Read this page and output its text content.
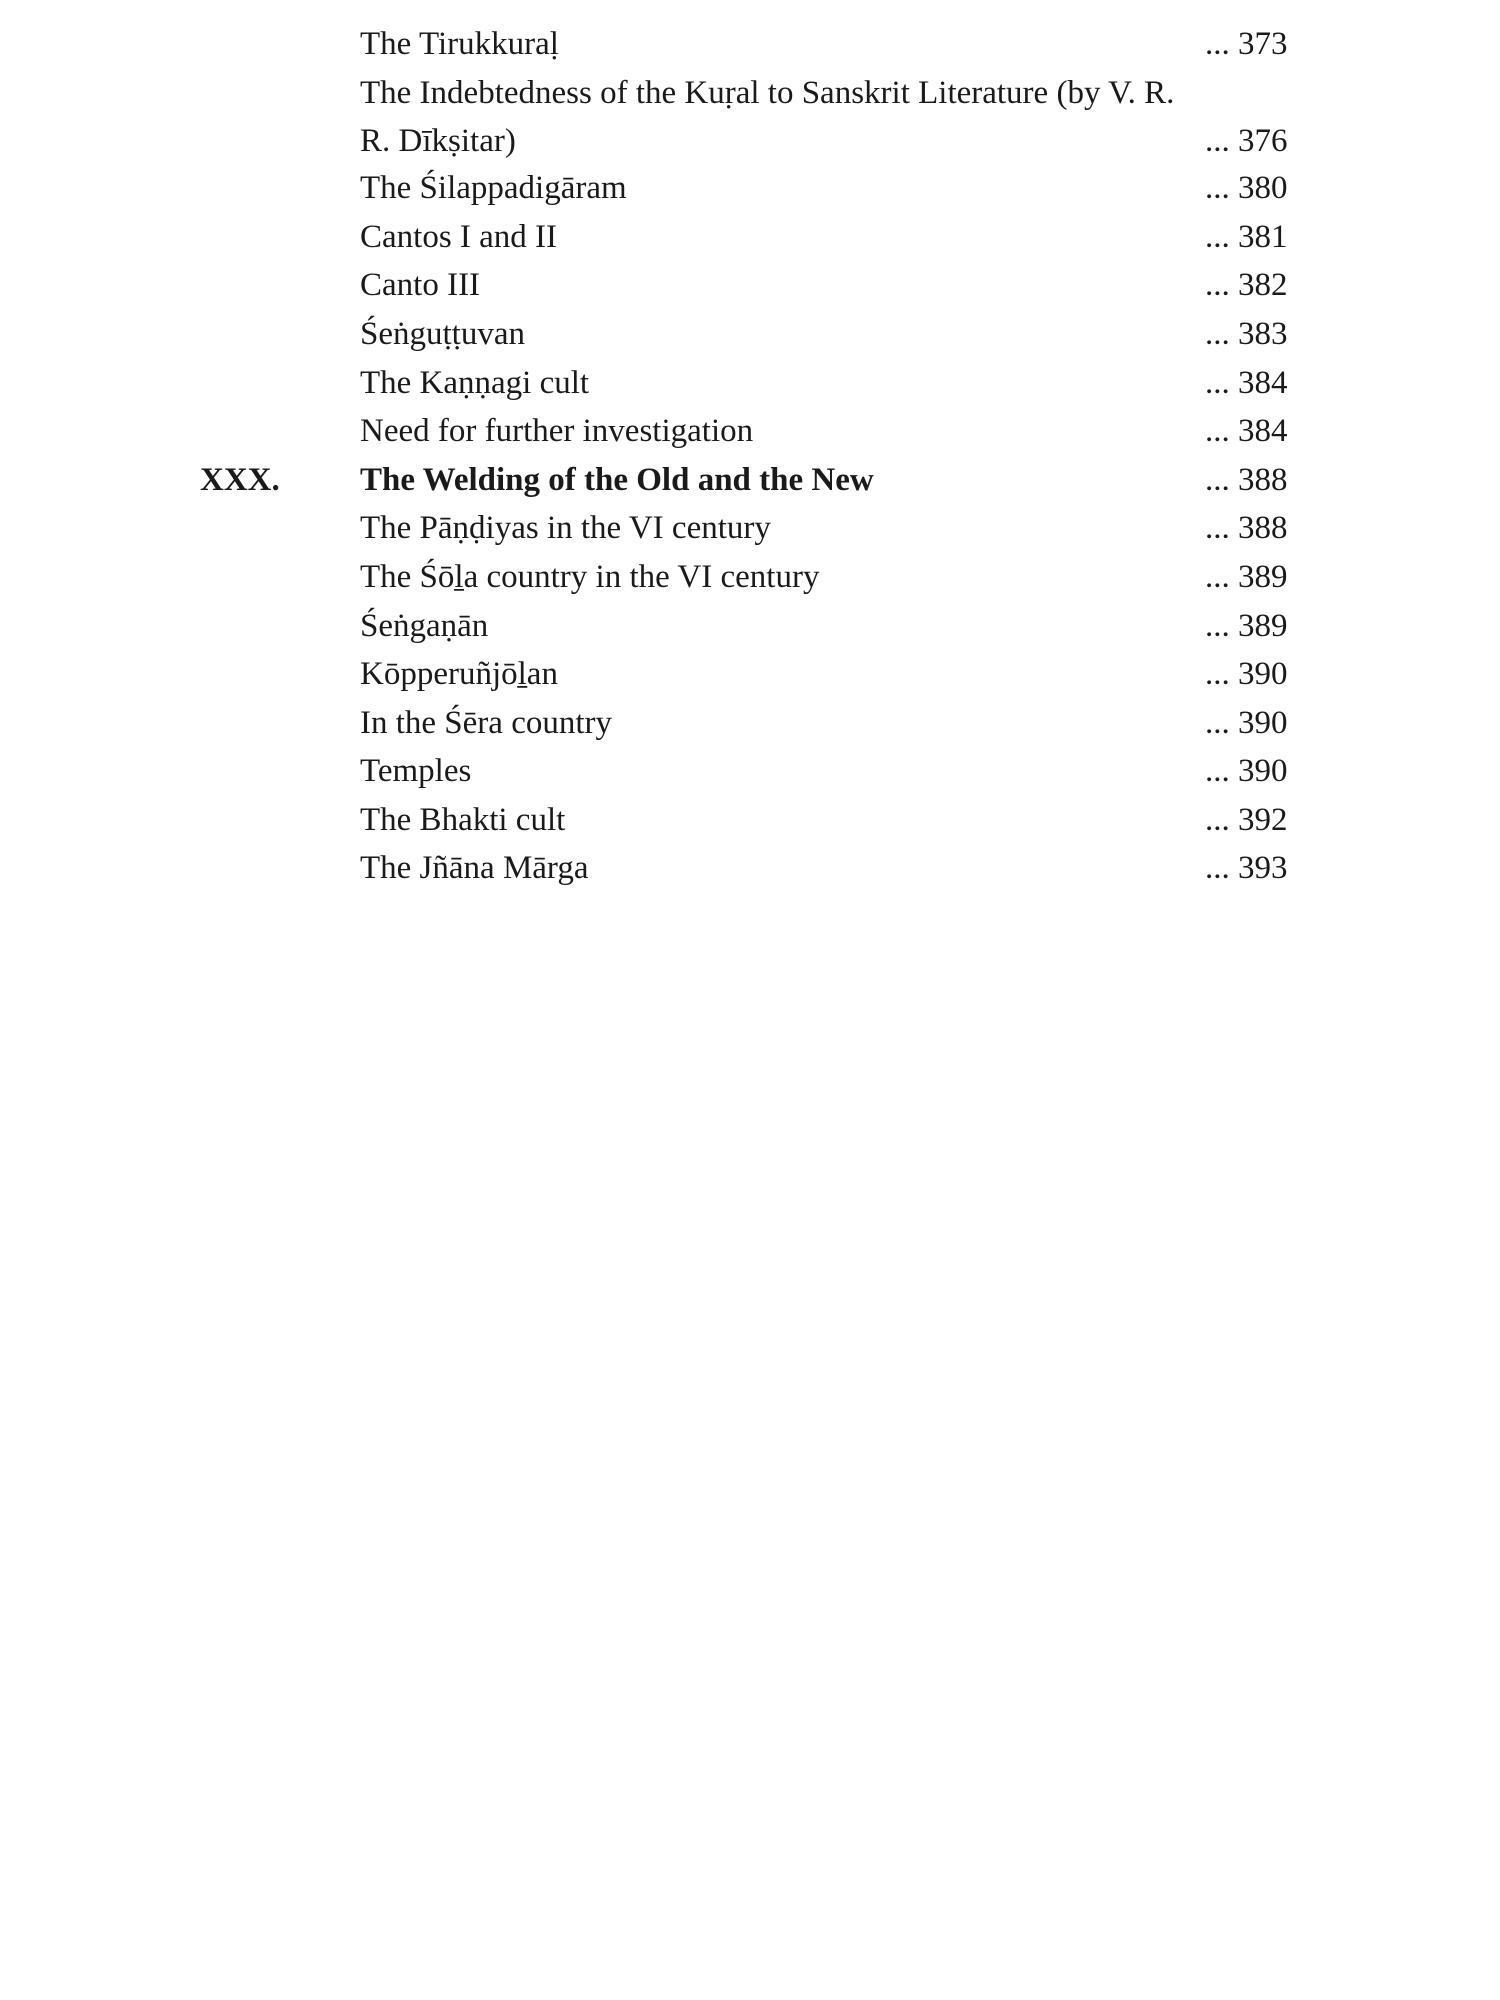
The Tirukkuraḷ	... 373
The Indebtedness of the Kuṛal to Sanskrit Literature (by V. R. R. Dīkṣitar)	... 376
The Śilappadigāram	... 380
Cantos I and II	... 381
Canto III	... 382
Śeṅguṭṭuvan	... 383
The Kaṇṇagi cult	... 384
Need for further investigation	... 384
XXX. The Welding of the Old and the New	... 388
The Pāṇḍiyas in the VI century	... 388
The Śōḻa country in the VI century	... 389
Śeṅgaṇān	... 389
Kōpperuñjōḻan	... 390
In the Śēra country	... 390
Temples	... 390
The Bhakti cult	... 392
The Jñāna Mārga	... 393
